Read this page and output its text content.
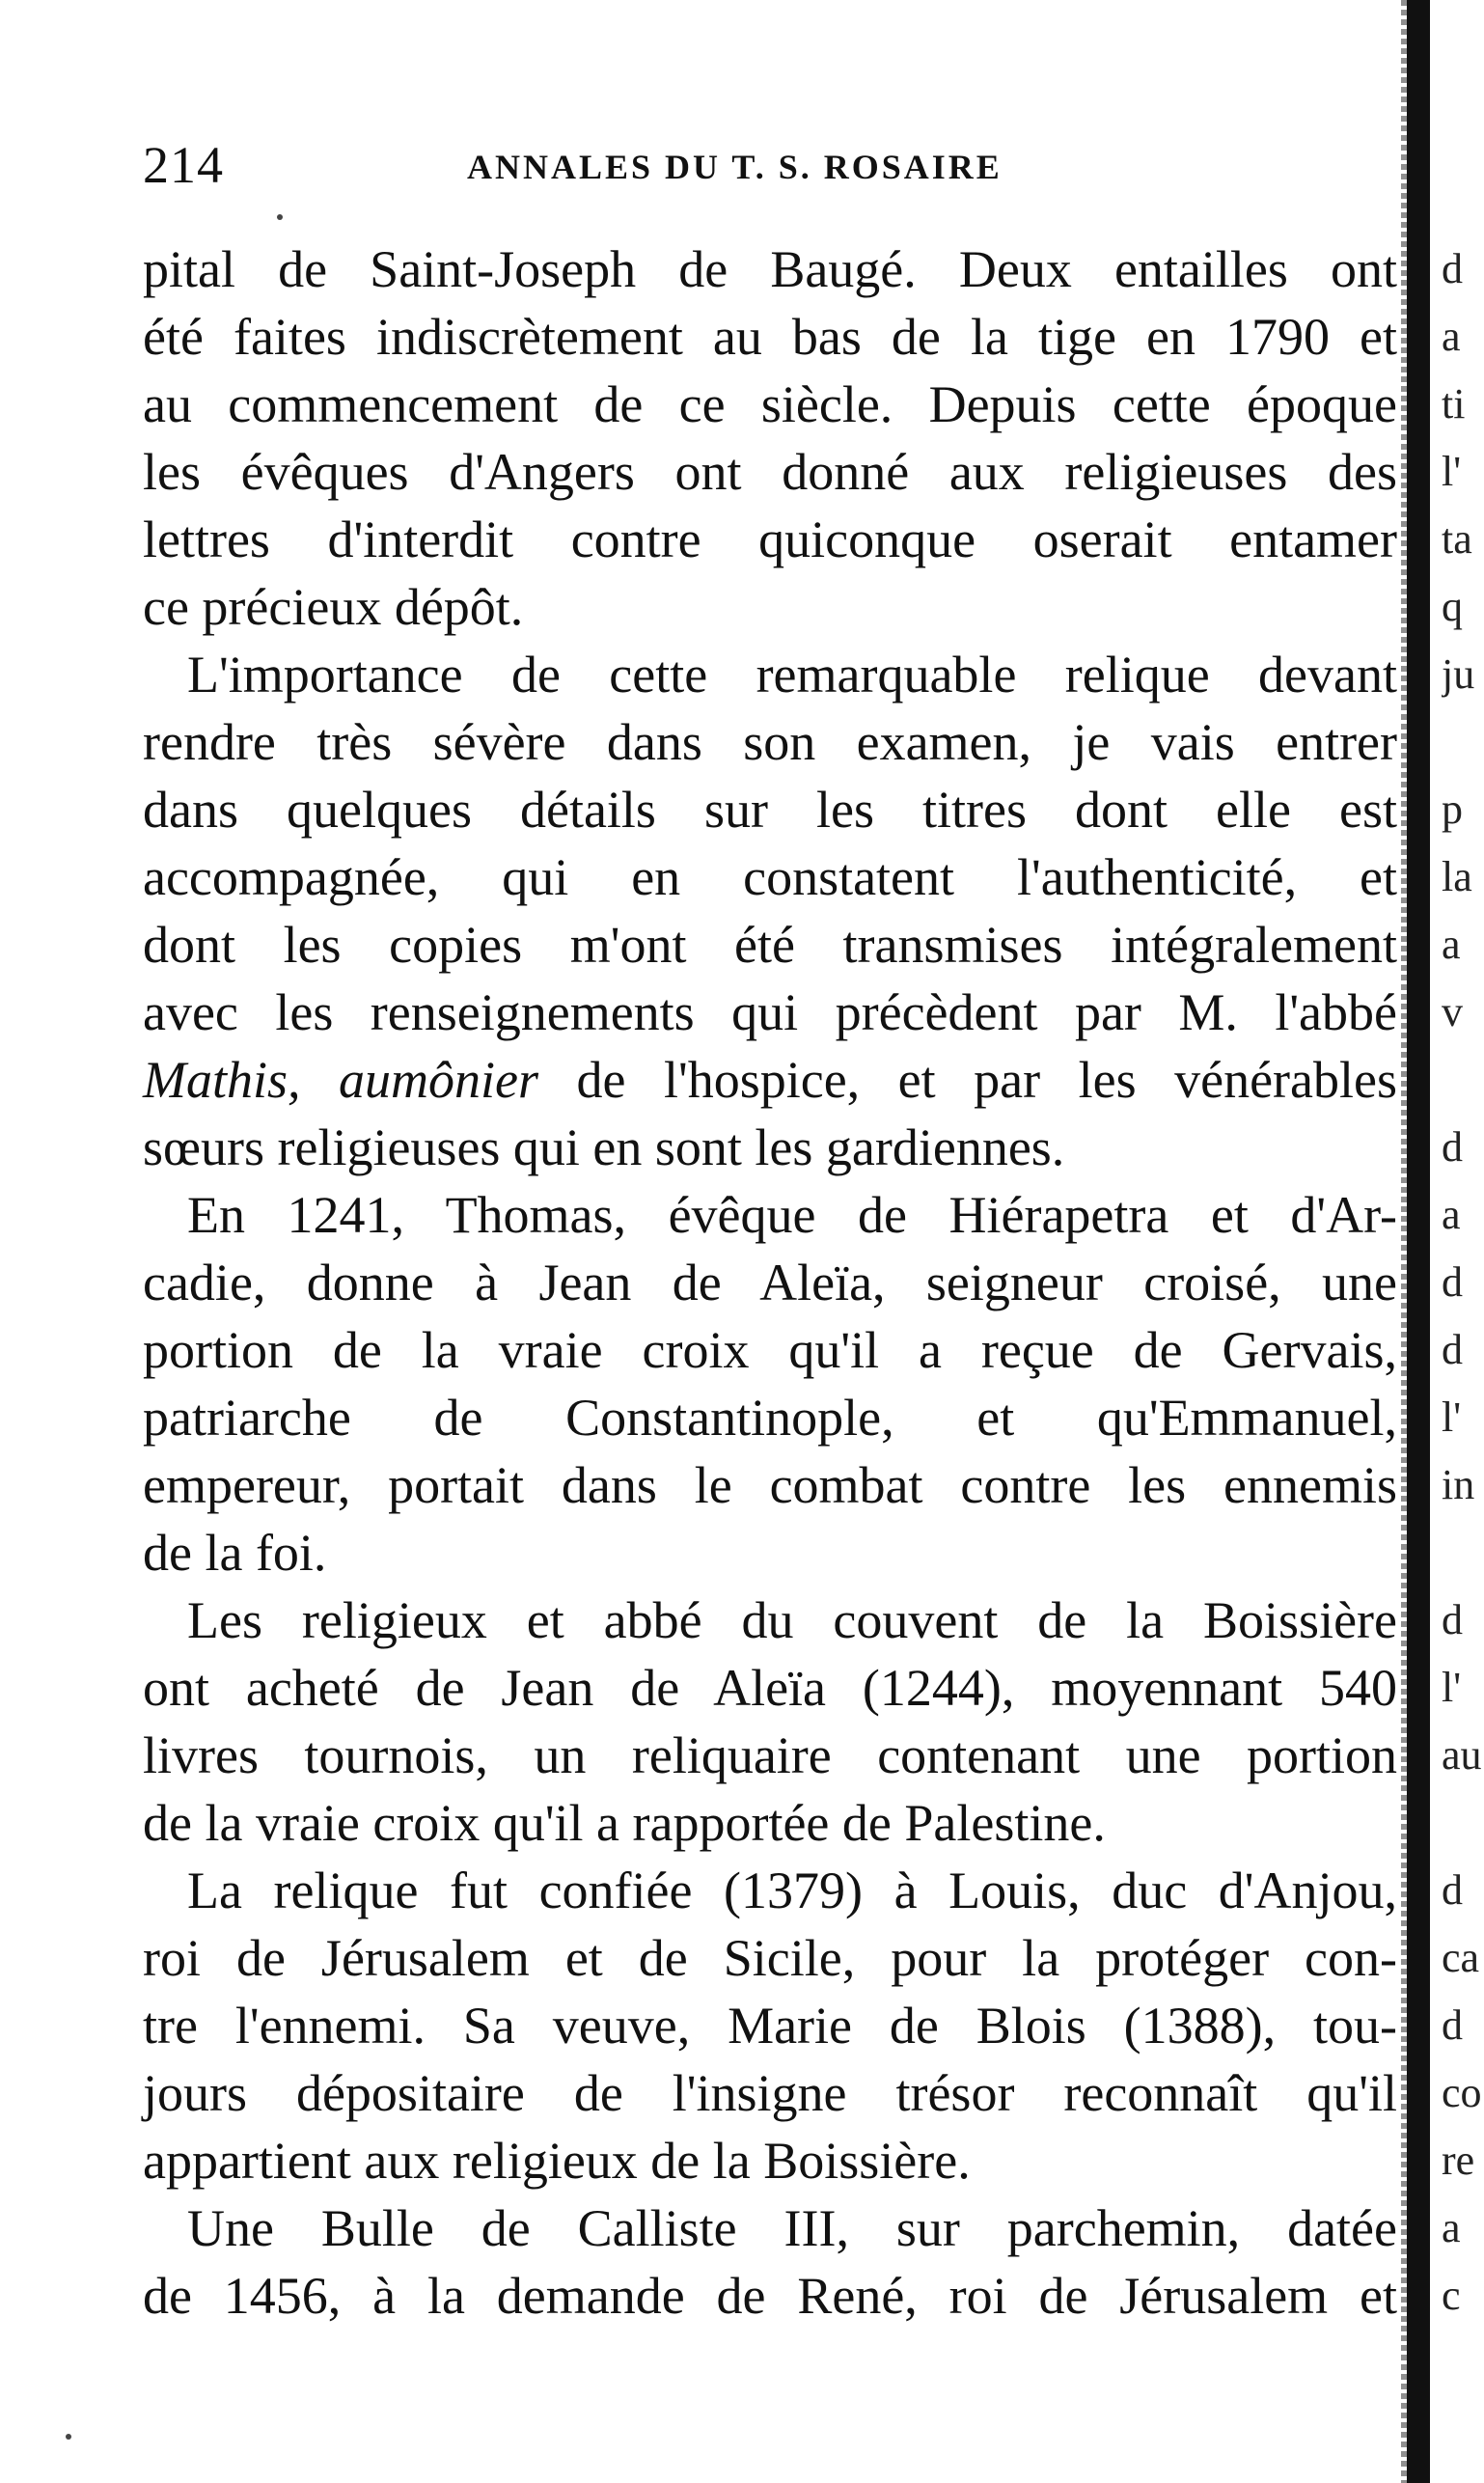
214	ANNALES DU T. S. ROSAIRE
pital de Saint-Joseph de Baugé. Deux entailles ont
été faites indiscrètement au bas de la tige en 1790 et
au commencement de ce siècle. Depuis cette époque
les évêques d'Angers ont donné aux religieuses des
lettres d'interdit contre quiconque oserait entamer
ce précieux dépôt.
L'importance de cette remarquable relique devant
rendre très sévère dans son examen, je vais entrer
dans quelques détails sur les titres dont elle est
accompagnée, qui en constatent l'authenticité, et
dont les copies m'ont été transmises intégralement
avec les renseignements qui précèdent par M. l'abbé
Mathis, aumônier de l'hospice, et par les vénérables
sœurs religieuses qui en sont les gardiennes.
En 1241, Thomas, évêque de Hiérapetra et d'Ar-
cadie, donne à Jean de Aleïa, seigneur croisé, une
portion de la vraie croix qu'il a reçue de Gervais,
patriarche de Constantinople, et qu'Emmanuel,
empereur, portait dans le combat contre les ennemis
de la foi.
Les religieux et abbé du couvent de la Boissière
ont acheté de Jean de Aleïa (1244), moyennant 540
livres tournois, un reliquaire contenant une portion
de la vraie croix qu'il a rapportée de Palestine.
La relique fut confiée (1379) à Louis, duc d'Anjou,
roi de Jérusalem et de Sicile, pour la protéger con-
tre l'ennemi. Sa veuve, Marie de Blois (1388), tou-
jours dépositaire de l'insigne trésor reconnaît qu'il
appartient aux religieux de la Boissière.
Une Bulle de Calliste III, sur parchemin, datée
de 1456, à la demande de René, roi de Jérusalem et
d
a
ti
l'
ta
q
ju
p
la
a
v
d
a
d
d
l'
in
d
l'
au
d
ca
d
co
re
a
c
